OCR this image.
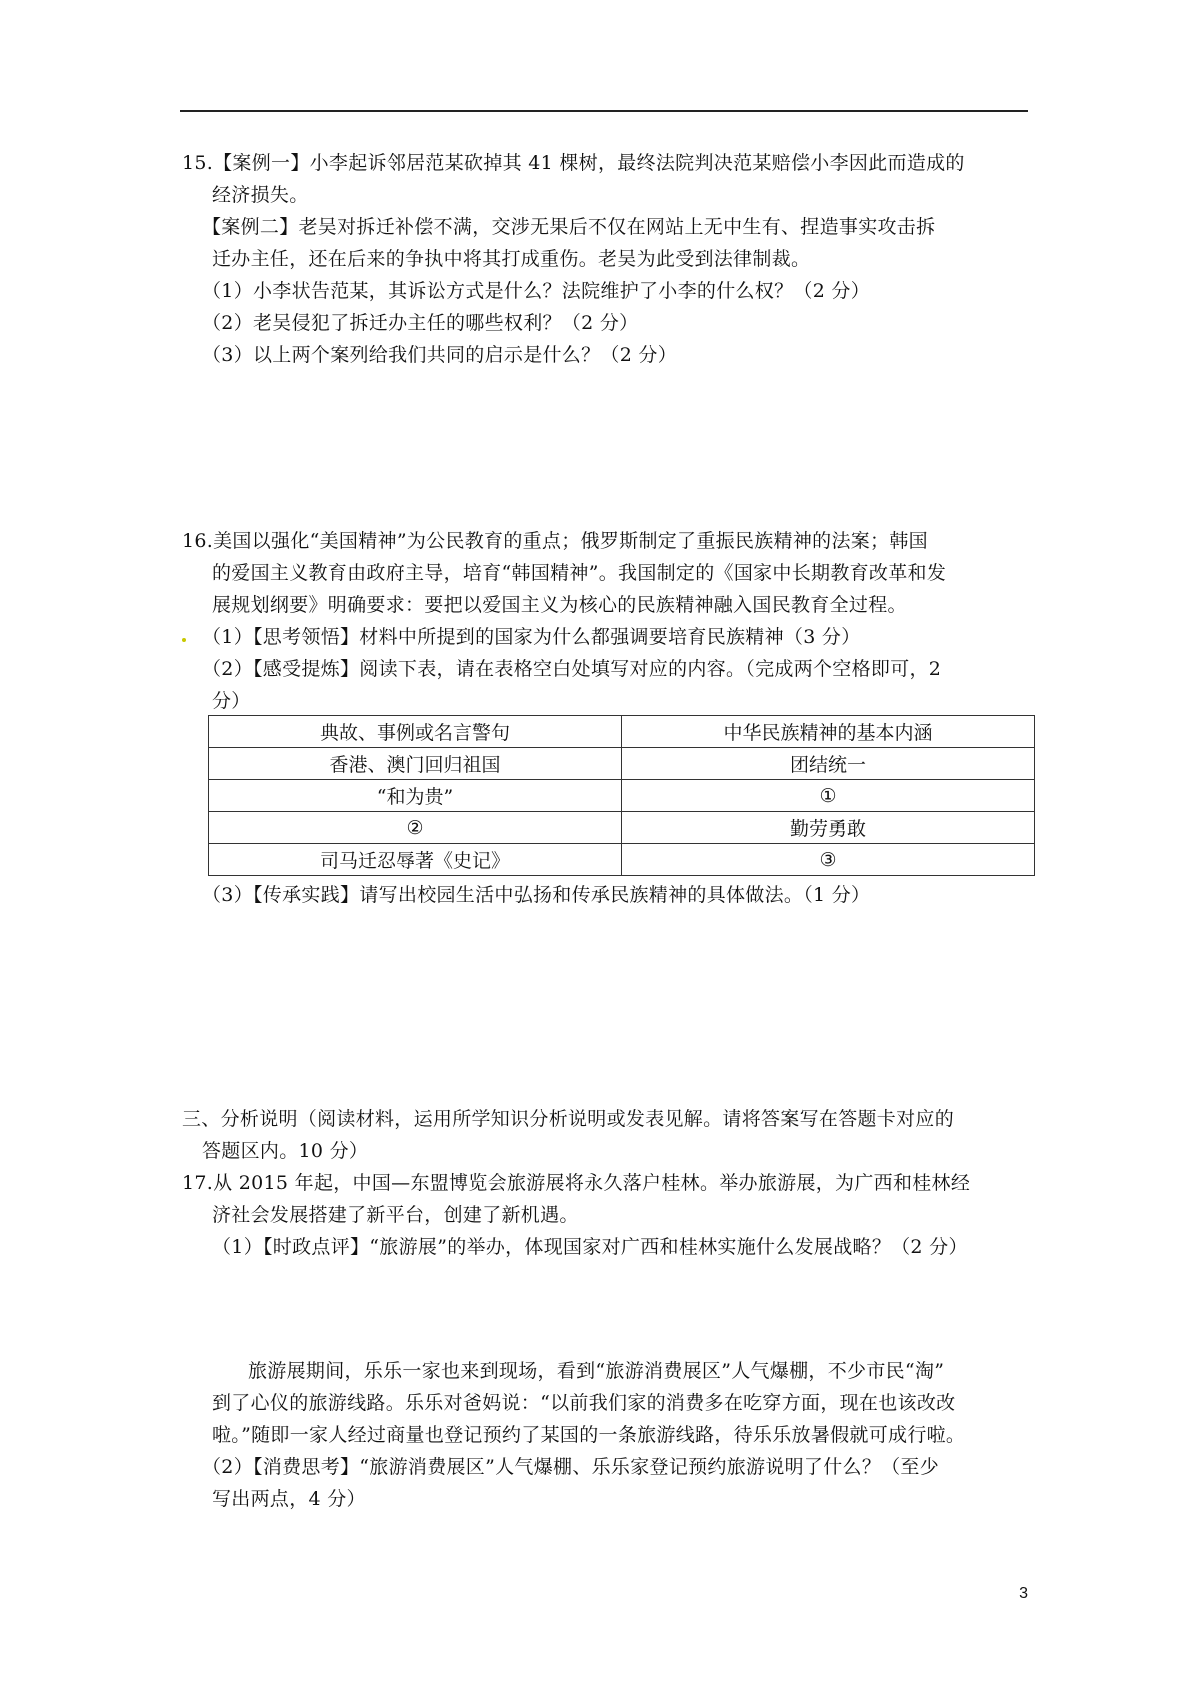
15.【案例一】小李起诉邻居范某砍掉其 41 棵树，最终法院判决范某赔偿小李因此而造成的
经济损失。
【案例二】老吴对拆迁补偿不满，交涉无果后不仅在网站上无中生有、捏造事实攻击拆
迁办主任，还在后来的争执中将其打成重伤。老吴为此受到法律制裁。
（1）小李状告范某，其诉讼方式是什么？法院维护了小李的什么权？（2 分）
（2）老吴侵犯了拆迁办主任的哪些权利？（2 分）
（3）以上两个案列给我们共同的启示是什么？（2 分）
16.美国以强化“美国精神”为公民教育的重点；俄罗斯制定了重振民族精神的法案；韩国
的爱国主义教育由政府主导，培育“韩国精神”。我国制定的《国家中长期教育改革和发
展规划纲要》明确要求：要把以爱国主义为核心的民族精神融入国民教育全过程。
（1）【思考领悟】材料中所提到的国家为什么都强调要培育民族精神（3 分）
（2）【感受提炼】阅读下表，请在表格空白处填写对应的内容。（完成两个空格即可，2
分）
典故、事例或名言警句	中华民族精神的基本内涵
香港、澳门回归祖国	团结统一
“和为贵”	①
②	勤劳勇敢
司马迁忍辱著《史记》	③
（3）【传承实践】请写出校园生活中弘扬和传承民族精神的具体做法。（1 分）
三、分析说明（阅读材料，运用所学知识分析说明或发表见解。请将答案写在答题卡对应的
答题区内。10 分）
17.从 2015 年起，中国—东盟博览会旅游展将永久落户桂林。举办旅游展，为广西和桂林经
济社会发展搭建了新平台，创建了新机遇。
（1）【时政点评】“旅游展”的举办，体现国家对广西和桂林实施什么发展战略？（2 分）
旅游展期间，乐乐一家也来到现场，看到“旅游消费展区”人气爆棚，不少市民“淘”
到了心仪的旅游线路。乐乐对爸妈说：“以前我们家的消费多在吃穿方面，现在也该改改
啦。”随即一家人经过商量也登记预约了某国的一条旅游线路，待乐乐放暑假就可成行啦。
（2）【消费思考】“旅游消费展区”人气爆棚、乐乐家登记预约旅游说明了什么？（至少
写出两点，4 分）
3
